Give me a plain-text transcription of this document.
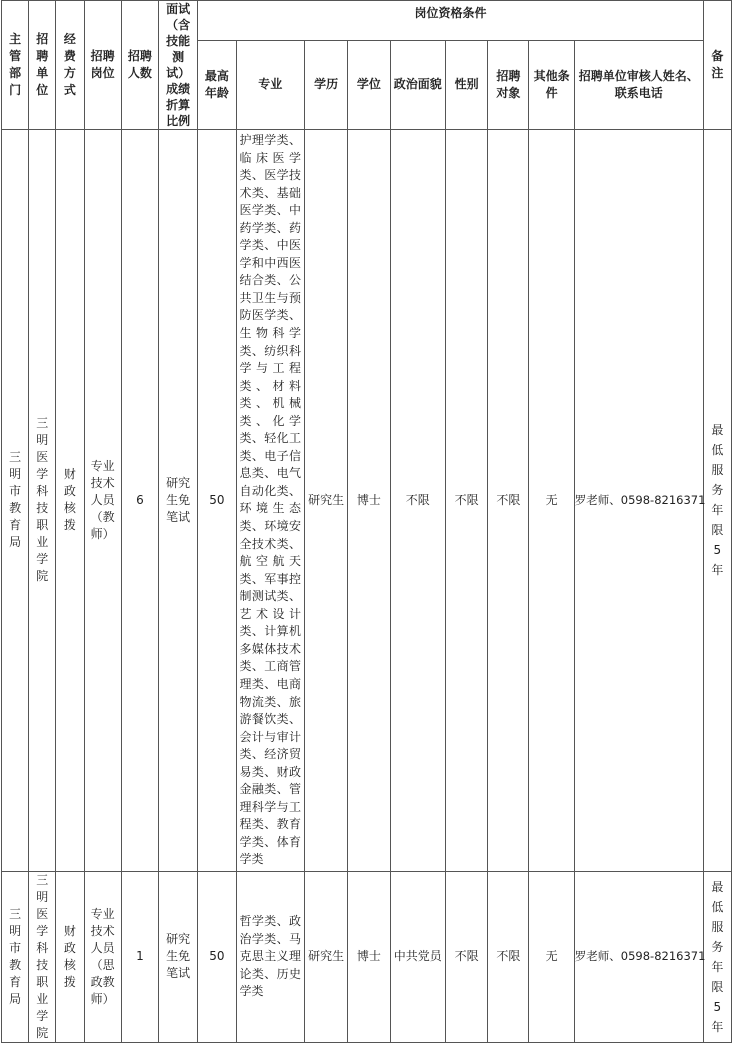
主管部门	招聘单位	经费方式	招聘岗位	招聘人数	面试（含技能测试）成绩折算比例	岗位资格条件									备注
						最高年龄	专业	学历	学位	政治面貌	性别	招聘对象	其他条件	招聘单位审核人姓名、联系电话	
三明市教育局	三明医学科技职业学院	财政核拨	专业技术人员（教师）	6	研究生免笔试	50	护理学类、临床医学类、医学技术类、基础医学类、中药学类、药学类、中医学和中西医结合类、公共卫生与预防医学类、生物科学类、纺织科学与工程类、材料类、机械类、化学类、轻化工类、电子信息类、电气自动化类、环境生态类、环境安全技术类、航空航天类、军事控制测试类、艺术设计类、计算机多媒体技术类、工商管理类、电商物流类、旅游餐饮类、会计与审计类、经济贸易类、财政金融类、管理科学与工程类、教育学类、体育学类	研究生	博士	不限	不限	不限	无	罗老师、0598-8216371	最低服务年限5年
三明市教育局	三明医学科技职业学院	财政核拨	专业技术人员（思政教师）	1	研究生免笔试	50	哲学类、政治学类、马克思主义理论类、历史学类	研究生	博士	中共党员	不限	不限	无	罗老师、0598-8216371	最低服务年限5年
